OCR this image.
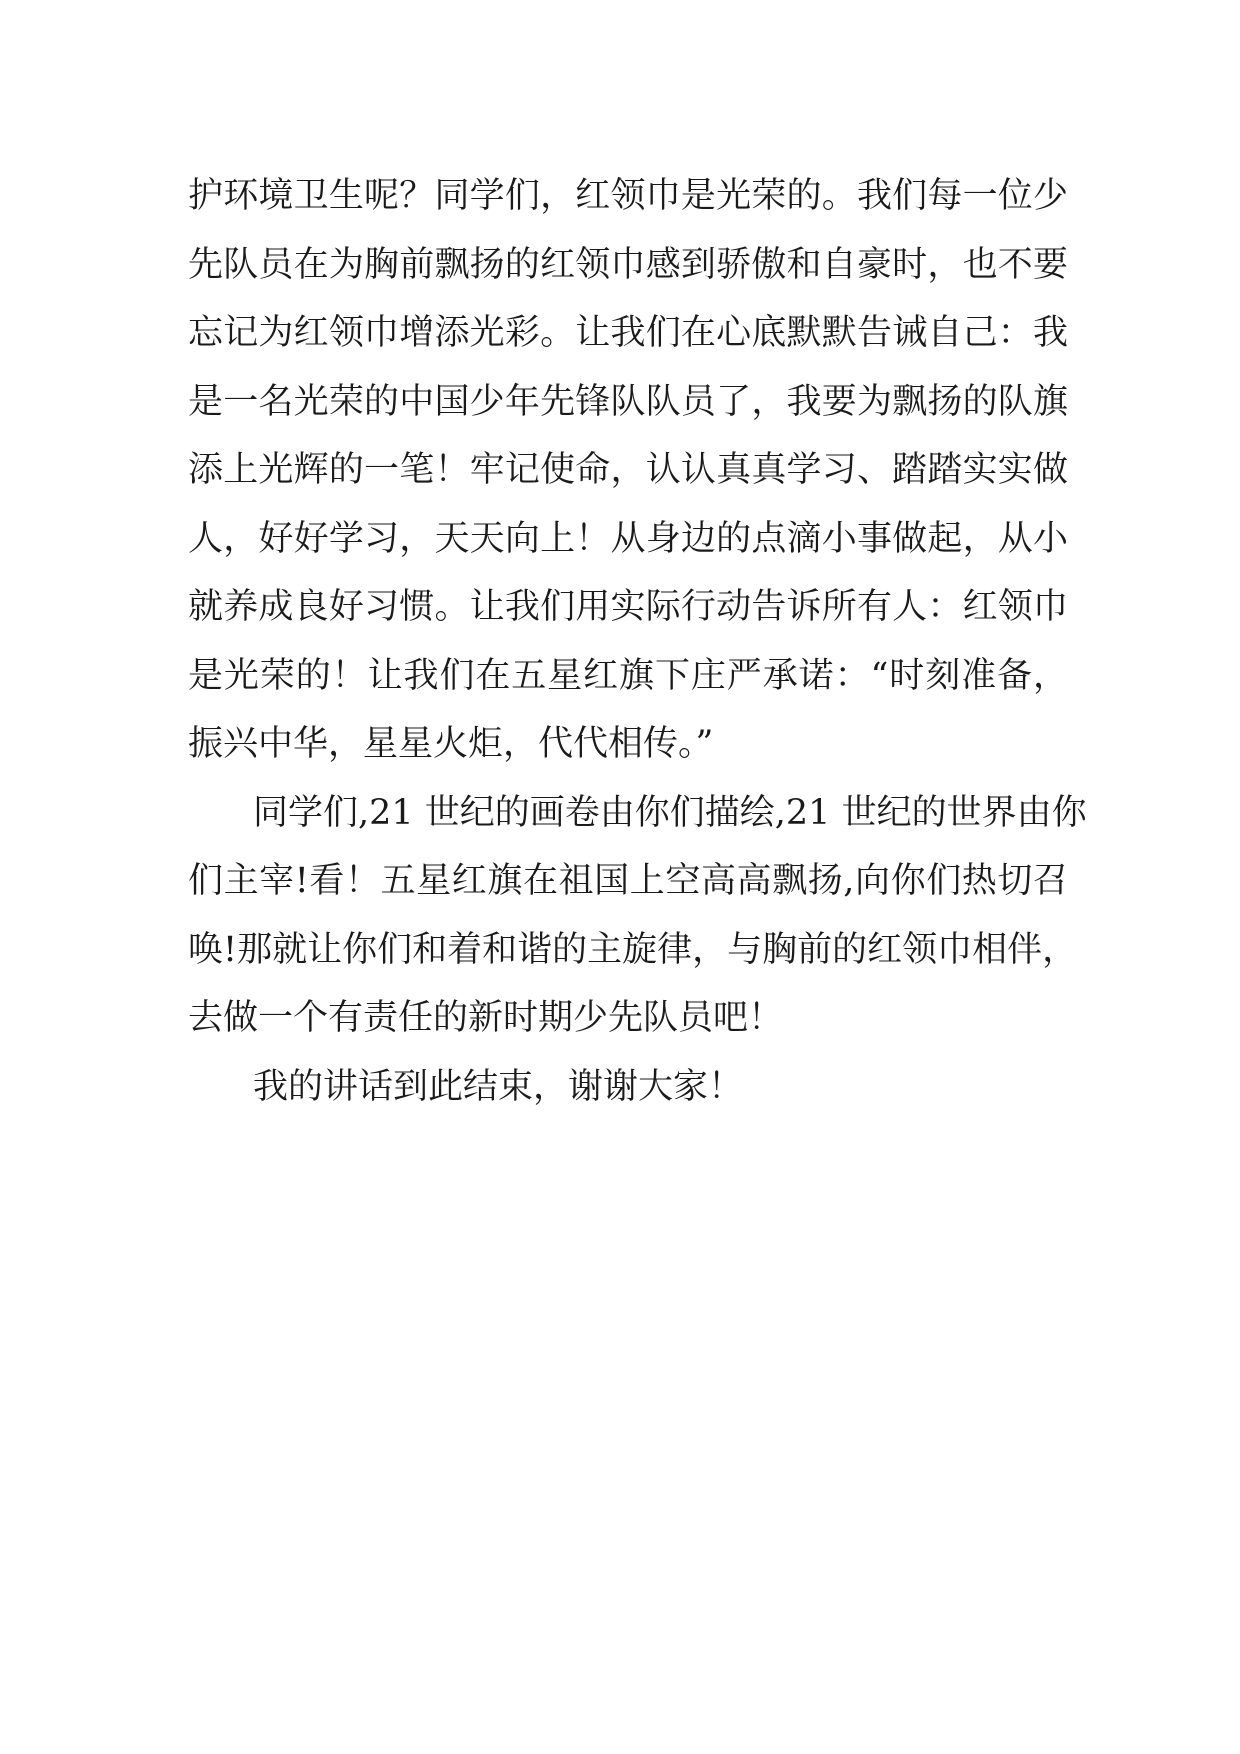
护环境卫生呢？同学们，红领巾是光荣的。我们每一位少
先队员在为胸前飘扬的红领巾感到骄傲和自豪时，也不要
忘记为红领巾增添光彩。让我们在心底默默告诫自己：我
是一名光荣的中国少年先锋队队员了，我要为飘扬的队旗
添上光辉的一笔！牢记使命，认认真真学习、踏踏实实做
人，好好学习，天天向上！从身边的点滴小事做起，从小
就养成良好习惯。让我们用实际行动告诉所有人：红领巾
是光荣的！让我们在五星红旗下庄严承诺：“时刻准备，
振兴中华，星星火炬，代代相传。”
同学们,21 世纪的画卷由你们描绘,21 世纪的世界由你
们主宰!看！五星红旗在祖国上空高高飘扬,向你们热切召
唤!那就让你们和着和谐的主旋律，与胸前的红领巾相伴，
去做一个有责任的新时期少先队员吧！
我的讲话到此结束，谢谢大家！
